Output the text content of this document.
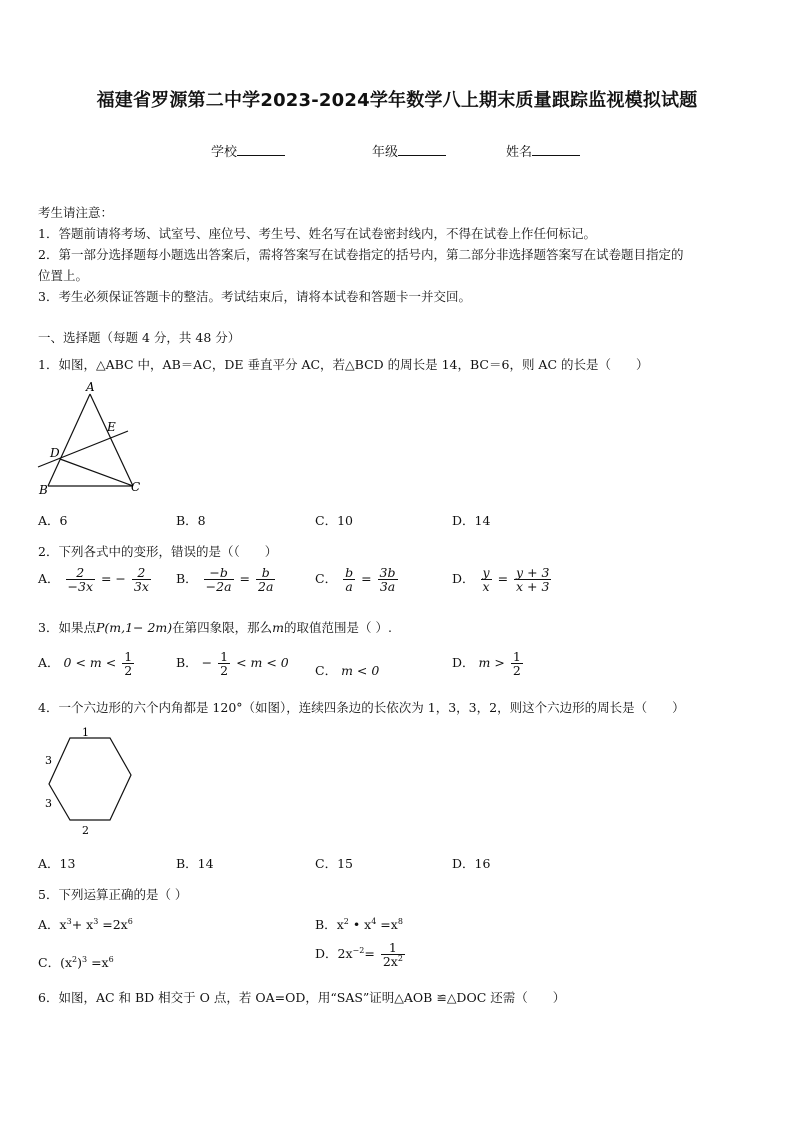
福建省罗源第二中学2023-2024学年数学八上期末质量跟踪监视模拟试题
学校	年级	姓名
考生请注意：
1．答题前请将考场、试室号、座位号、考生号、姓名写在试卷密封线内，不得在试卷上作任何标记。
2．第一部分选择题每小题选出答案后，需将答案写在试卷指定的括号内，第二部分非选择题答案写在试卷题目指定的
位置上。
3．考生必须保证答题卡的整洁。考试结束后，请将本试卷和答题卡一并交回。
一、选择题（每题 4 分，共 48 分）
1．如图，△ABC 中，AB＝AC，DE 垂直平分 AC，若△BCD 的周长是 14，BC＝6，则 AC 的长是（　　）
A
E
D
B	C
A．6	B．8	C．10	D．14
2．下列各式中的变形，错误的是（（　　）
A． $\frac{2}{-3x}$ = − $\frac{2}{3x}$ B． $\frac{-b}{-2a} = \frac{b}{2a}$	C． $\frac{b}{a} = \frac{3b}{3a}$	D． $\frac{y}{x} = \frac{y + 3}{x + 3}$
3．如果点P(m,1− 2m)在第四象限，那么m的取值范围是（ ）.
A． $0 < m < \frac{1}{2}$	B． − $\frac{1}{2} < m < 0$
C． m < 0
D． $m > \frac{1}{2}$
4．一个六边形的六个内角都是 120°（如图），连续四条边的长依次为 1，3，3，2，则这个六边形的周长是（　　）
1
3
3
2
A．13	B．14	C．15	D．16
5．下列运算正确的是（ ）
A．$x^3+ x^3 =2x^6$	B．$x^2$ • $x^4 =x^8$
C．$(x^2)^3 =x^6$	D．$2x^{-2}= \frac{1}{2x^2}$
6．如图，AC 和 BD 相交于 O 点，若 OA=OD，用“SAS”证明△AOB ≌△DOC 还需（　　）
